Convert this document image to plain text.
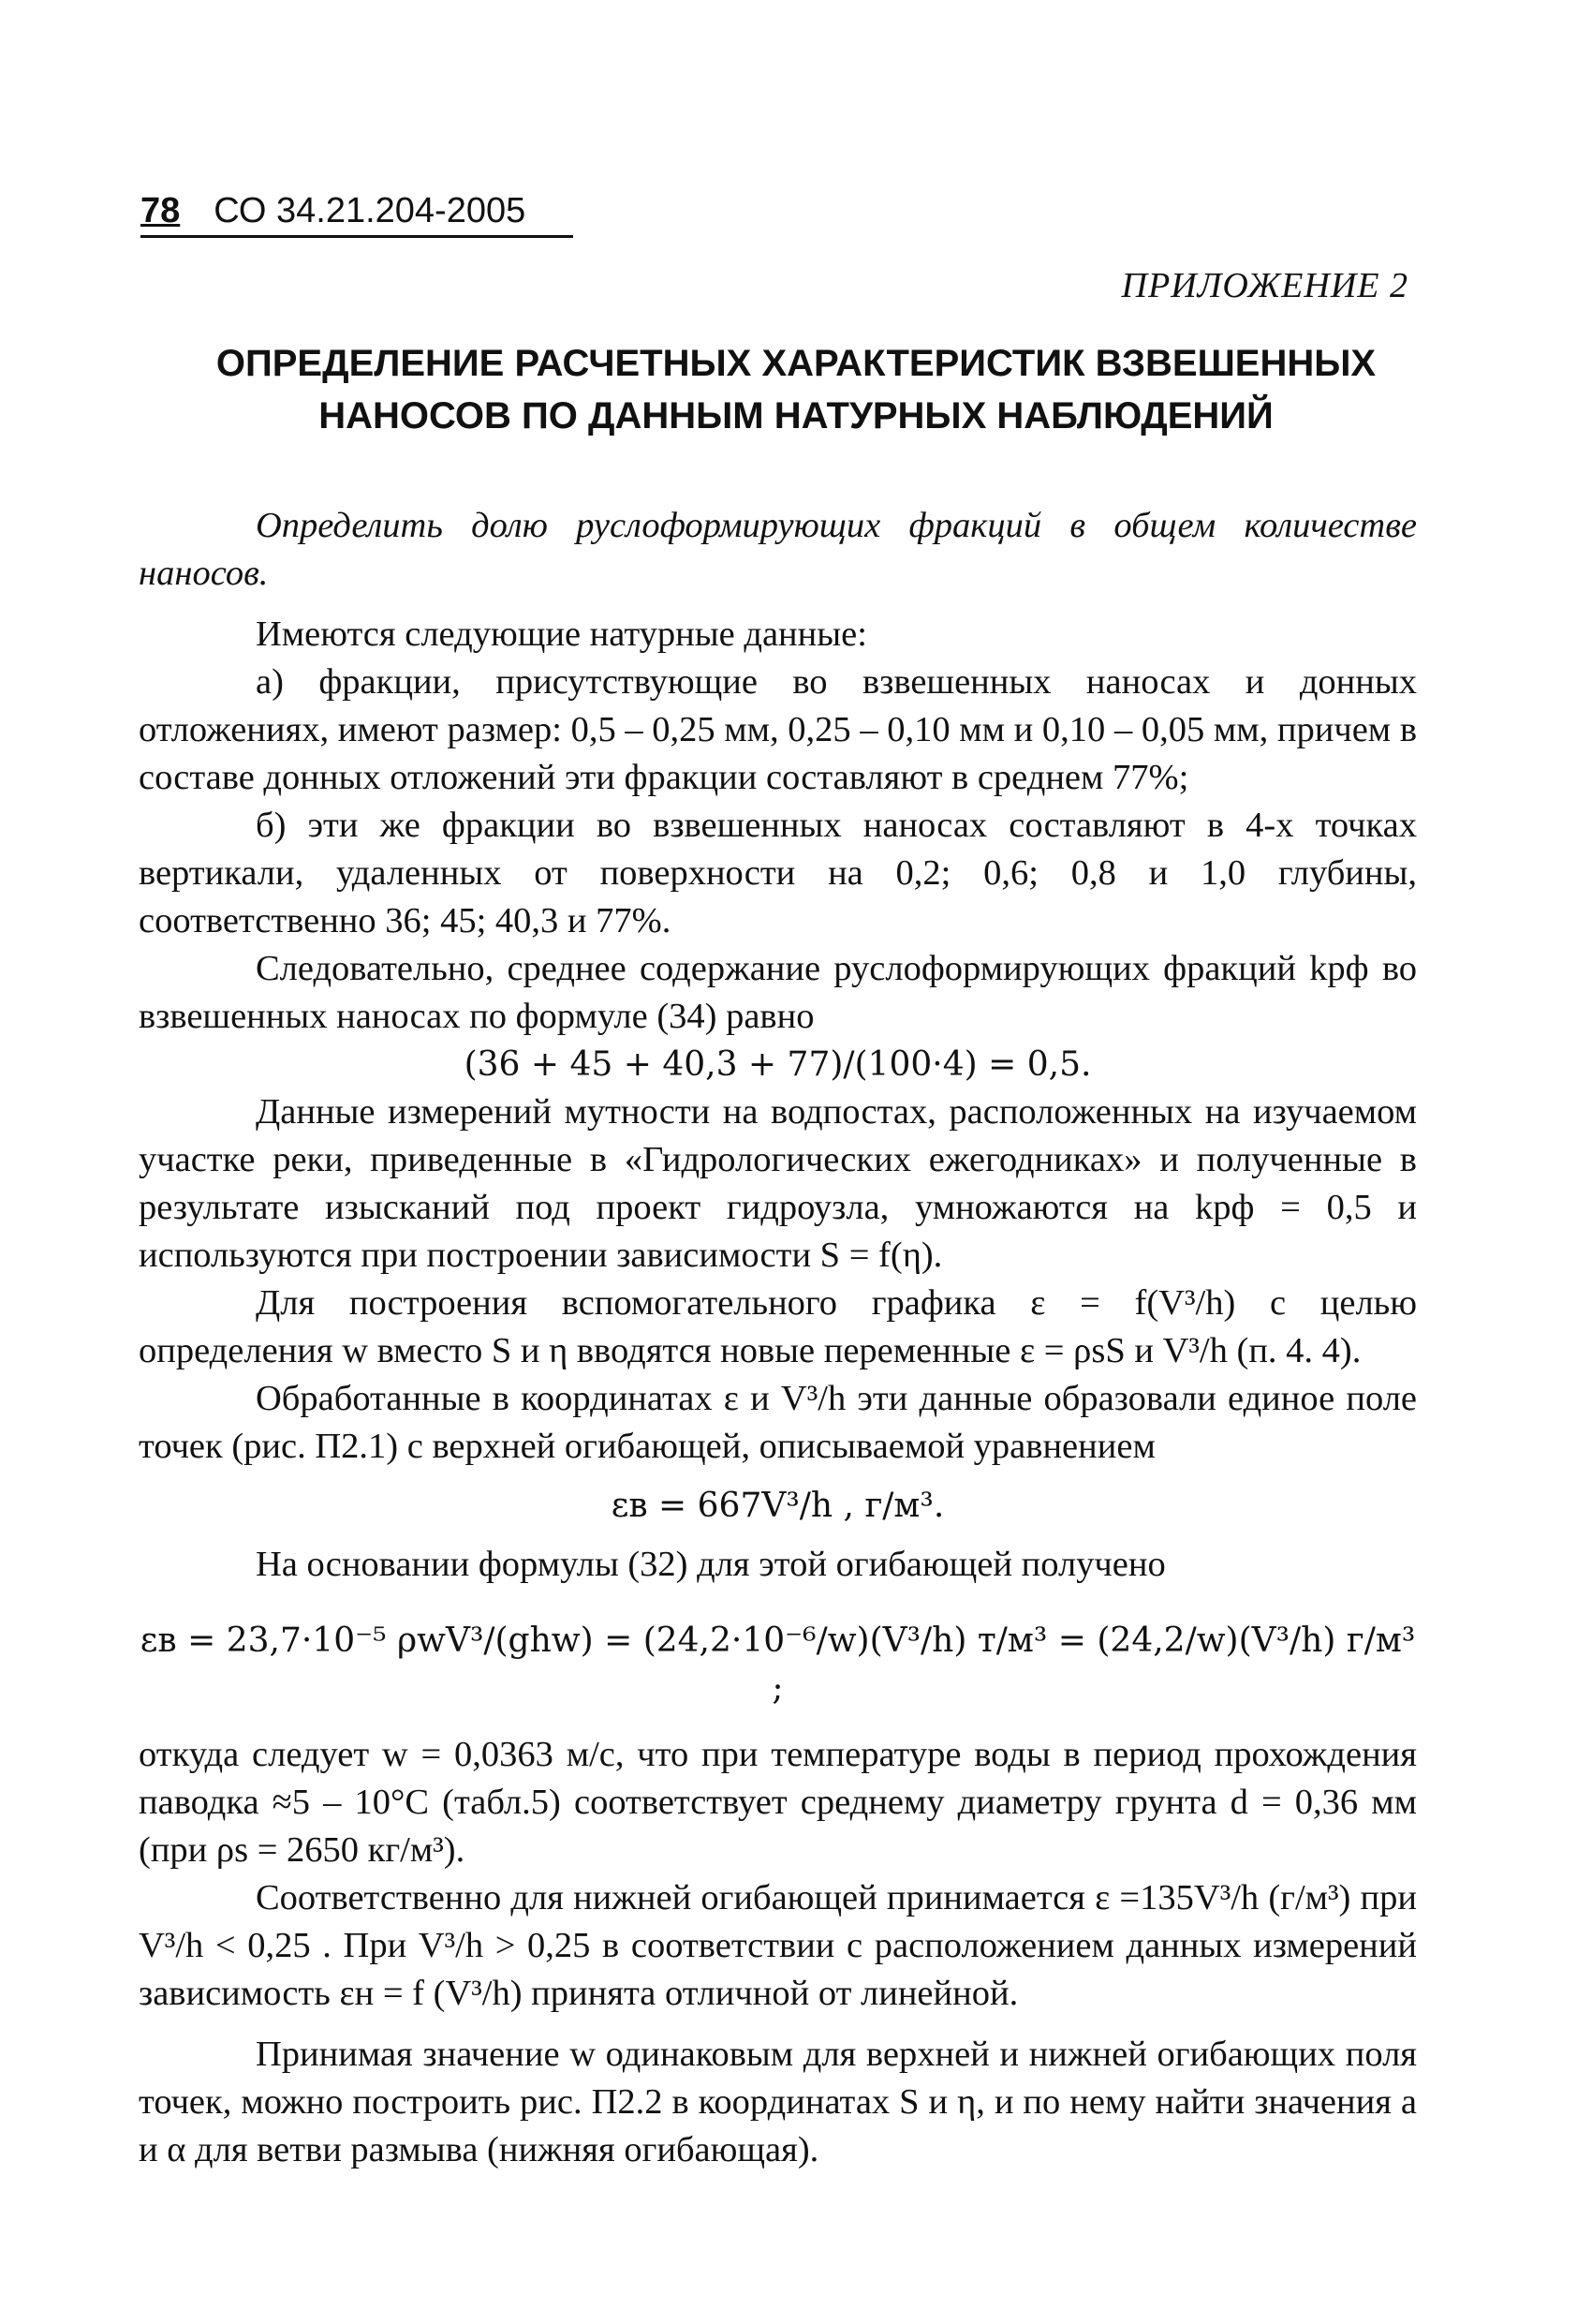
78 СО 34.21.204-2005
ПРИЛОЖЕНИЕ 2
ОПРЕДЕЛЕНИЕ РАСЧЕТНЫХ ХАРАКТЕРИСТИК ВЗВЕШЕННЫХ
НАНОСОВ ПО ДАННЫМ НАТУРНЫХ НАБЛЮДЕНИЙ

Определить долю руслоформирующих фракций в общем количестве наносов.

Имеются следующие натурные данные:

а) фракции, присутствующие во взвешенных наносах и донных отложениях, имеют размер: 0,5 – 0,25 мм, 0,25 – 0,10 мм и 0,10 – 0,05 мм, причем в составе донных отложений эти фракции составляют в среднем 77%;

б) эти же фракции во взвешенных наносах составляют в 4-х точках вертикали, удаленных от поверхности на 0,2; 0,6; 0,8 и 1,0 глубины, соответственно 36; 45; 40,3 и 77%.

Следовательно, среднее содержание руслоформирующих фракций kрф во взвешенных наносах по формуле (34) равно

(36 + 45 + 40,3 + 77)/(100·4) = 0,5.

Данные измерений мутности на водпостах, расположенных на изучаемом участке реки, приведенные в «Гидрологических ежегодниках» и полученные в результате изысканий под проект гидроузла, умножаются на kрф = 0,5 и используются при построении зависимости S = f(η).

Для построения вспомогательного графика ε = f(V³/h) с целью определения w вместо S и η вводятся новые переменные ε = ρsS и V³/h (п. 4. 4).

Обработанные в координатах ε и V³/h эти данные образовали единое поле точек (рис. П2.1) с верхней огибающей, описываемой уравнением

εв = 667V³/h , г/м³.

На основании формулы (32) для этой огибающей получено

εв = 23,7·10⁻⁵ ρwV³/(ghw) = (24,2·10⁻⁶/w)(V³/h) т/м³ = (24,2/w)(V³/h) г/м³ ;

откуда следует w = 0,0363 м/с, что при температуре воды в период прохождения паводка ≈5 – 10°С (табл.5) соответствует среднему диаметру грунта d = 0,36 мм (при ρs = 2650 кг/м³).

Соответственно для нижней огибающей принимается ε =135V³/h (г/м³) при V³/h < 0,25 . При V³/h > 0,25 в соответствии с расположением данных измерений зависимость εн = f (V³/h) принята отличной от линейной.

Принимая значение w одинаковым для верхней и нижней огибающих поля точек, можно построить рис. П2.2 в координатах S и η, и по нему найти значения a и α для ветви размыва (нижняя огибающая).
